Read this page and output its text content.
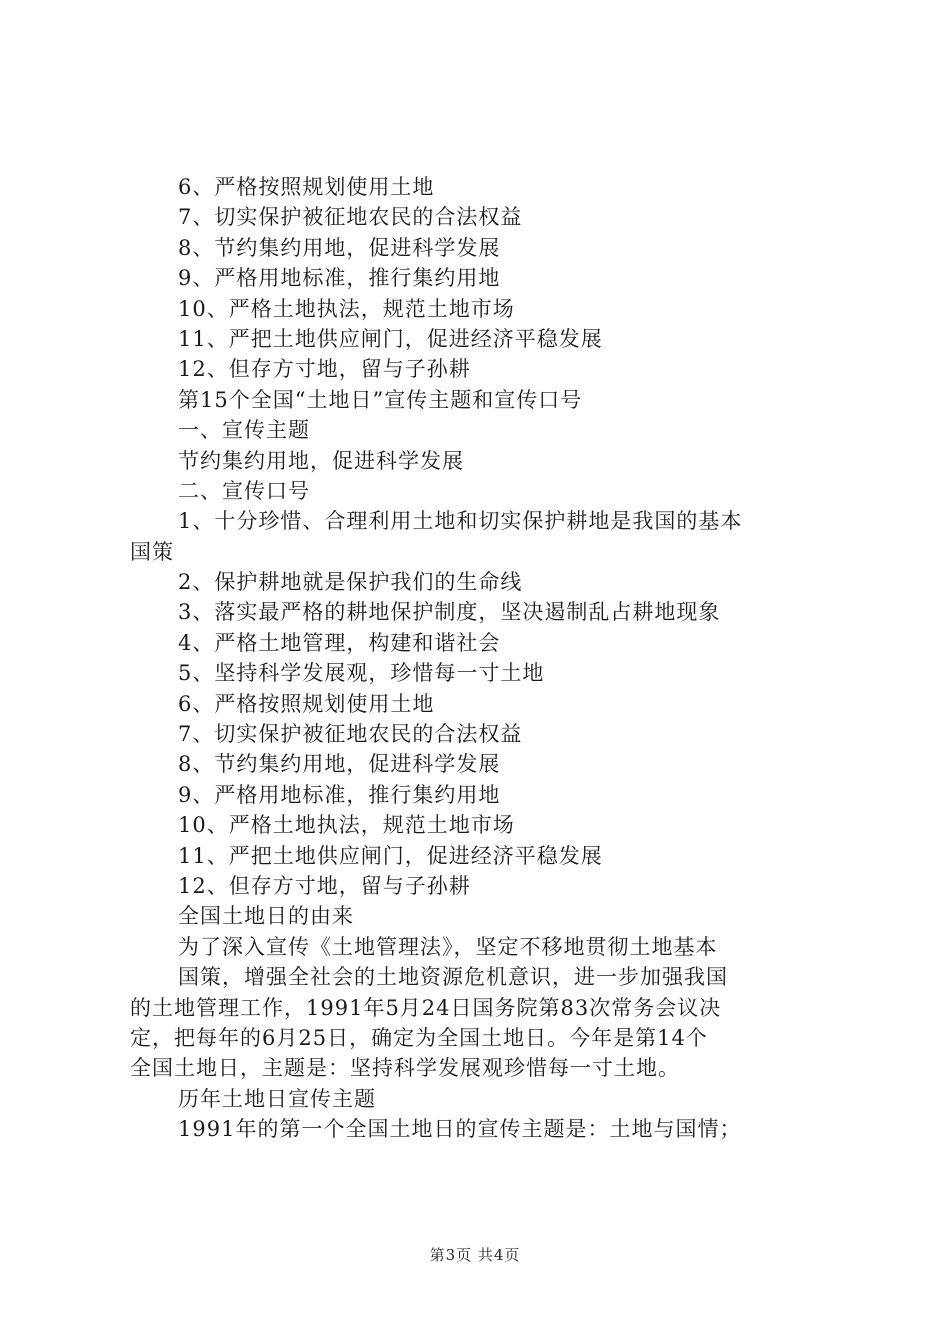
6、严格按照规划使用土地
7、切实保护被征地农民的合法权益
8、节约集约用地，促进科学发展
9、严格用地标准，推行集约用地
10、严格土地执法，规范土地市场
11、严把土地供应闸门，促进经济平稳发展
12、但存方寸地，留与子孙耕
第15个全国“土地日”宣传主题和宣传口号
一、宣传主题
节约集约用地，促进科学发展
二、宣传口号
1、十分珍惜、合理利用土地和切实保护耕地是我国的基本
国策
2、保护耕地就是保护我们的生命线
3、落实最严格的耕地保护制度，坚决遏制乱占耕地现象
4、严格土地管理，构建和谐社会
5、坚持科学发展观，珍惜每一寸土地
6、严格按照规划使用土地
7、切实保护被征地农民的合法权益
8、节约集约用地，促进科学发展
9、严格用地标准，推行集约用地
10、严格土地执法，规范土地市场
11、严把土地供应闸门，促进经济平稳发展
12、但存方寸地，留与子孙耕
全国土地日的由来
为了深入宣传《土地管理法》，坚定不移地贯彻土地基本
国策，增强全社会的土地资源危机意识，进一步加强我国
的土地管理工作，1991年5月24日国务院第83次常务会议决
定，把每年的6月25日，确定为全国土地日。今年是第14个
全国土地日，主题是：坚持科学发展观珍惜每一寸土地。
历年土地日宣传主题
1991年的第一个全国土地日的宣传主题是：土地与国情；
第3页 共4页
